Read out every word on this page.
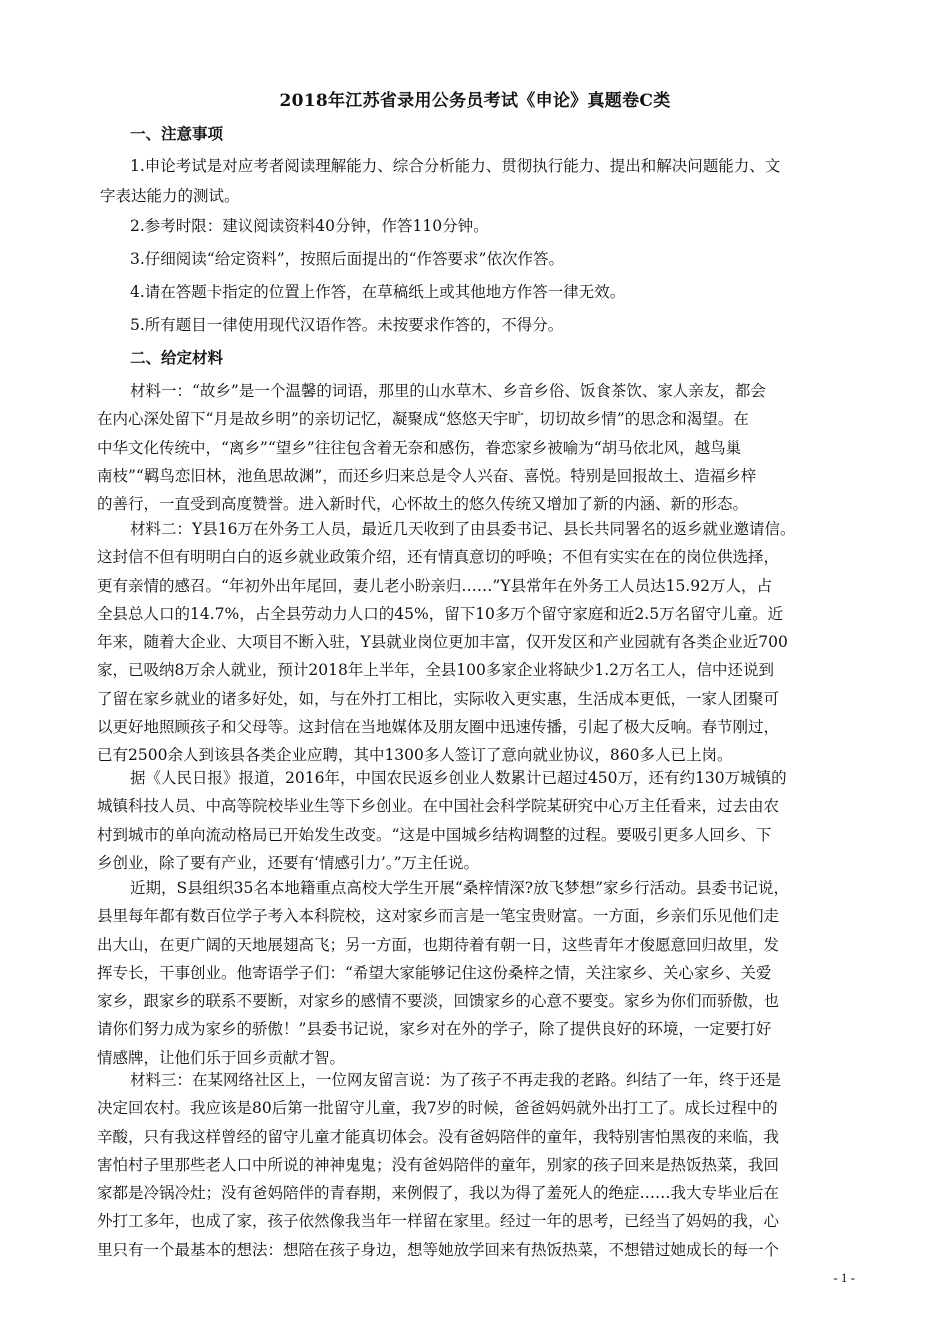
2018年江苏省录用公务员考试《申论》真题卷C类
一、注意事项
1.申论考试是对应考者阅读理解能力、综合分析能力、贯彻执行能力、提出和解决问题能力、文
字表达能力的测试。
2.参考时限：建议阅读资料40分钟，作答110分钟。
3.仔细阅读“给定资料”，按照后面提出的“作答要求”依次作答。
4.请在答题卡指定的位置上作答，在草稿纸上或其他地方作答一律无效。
5.所有题目一律使用现代汉语作答。未按要求作答的，不得分。
二、给定材料
材料一：“故乡”是一个温馨的词语，那里的山水草木、乡音乡俗、饭食茶饮、家人亲友，都会
在内心深处留下“月是故乡明”的亲切记忆，凝聚成“悠悠天宇旷，切切故乡情”的思念和渴望。在
中华文化传统中，“离乡”“望乡”往往包含着无奈和感伤，眷恋家乡被喻为“胡马依北风，越鸟巢
南枝”“羁鸟恋旧林，池鱼思故渊”，而还乡归来总是令人兴奋、喜悦。特别是回报故土、造福乡梓
的善行，一直受到高度赞誉。进入新时代，心怀故土的悠久传统又增加了新的内涵、新的形态。
材料二：Y县16万在外务工人员，最近几天收到了由县委书记、县长共同署名的返乡就业邀请信。
这封信不但有明明白白的返乡就业政策介绍，还有情真意切的呼唤；不但有实实在在的岗位供选择，
更有亲情的感召。“年初外出年尾回，妻儿老小盼亲归……”Y县常年在外务工人员达15.92万人，占
全县总人口的14.7%，占全县劳动力人口的45%，留下10多万个留守家庭和近2.5万名留守儿童。近
年来，随着大企业、大项目不断入驻，Y县就业岗位更加丰富，仅开发区和产业园就有各类企业近700
家，已吸纳8万余人就业，预计2018年上半年，全县100多家企业将缺少1.2万名工人，信中还说到
了留在家乡就业的诸多好处，如，与在外打工相比，实际收入更实惠，生活成本更低，一家人团聚可
以更好地照顾孩子和父母等。这封信在当地媒体及朋友圈中迅速传播，引起了极大反响。春节刚过，
已有2500余人到该县各类企业应聘，其中1300多人签订了意向就业协议，860多人已上岗。
据《人民日报》报道，2016年，中国农民返乡创业人数累计已超过450万，还有约130万城镇的
城镇科技人员、中高等院校毕业生等下乡创业。在中国社会科学院某研究中心万主任看来，过去由农
村到城市的单向流动格局已开始发生改变。“这是中国城乡结构调整的过程。要吸引更多人回乡、下
乡创业，除了要有产业，还要有‘情感引力’。”万主任说。
近期，S县组织35名本地籍重点高校大学生开展“桑梓情深?放飞梦想”家乡行活动。县委书记说，
县里每年都有数百位学子考入本科院校，这对家乡而言是一笔宝贵财富。一方面，乡亲们乐见他们走
出大山，在更广阔的天地展翅高飞；另一方面，也期待着有朝一日，这些青年才俊愿意回归故里，发
挥专长，干事创业。他寄语学子们：“希望大家能够记住这份桑梓之情，关注家乡、关心家乡、关爱
家乡，跟家乡的联系不要断，对家乡的感情不要淡，回馈家乡的心意不要变。家乡为你们而骄傲，也
请你们努力成为家乡的骄傲！”县委书记说，家乡对在外的学子，除了提供良好的环境，一定要打好
情感牌，让他们乐于回乡贡献才智。
材料三：在某网络社区上，一位网友留言说：为了孩子不再走我的老路。纠结了一年，终于还是
决定回农村。我应该是80后第一批留守儿童，我7岁的时候，爸爸妈妈就外出打工了。成长过程中的
辛酸，只有我这样曾经的留守儿童才能真切体会。没有爸妈陪伴的童年，我特别害怕黑夜的来临，我
害怕村子里那些老人口中所说的神神鬼鬼；没有爸妈陪伴的童年，别家的孩子回来是热饭热菜，我回
家都是冷锅冷灶；没有爸妈陪伴的青春期，来例假了，我以为得了羞死人的绝症……我大专毕业后在
外打工多年，也成了家，孩子依然像我当年一样留在家里。经过一年的思考，已经当了妈妈的我，心
里只有一个最基本的想法：想陪在孩子身边，想等她放学回来有热饭热菜，不想错过她成长的每一个
- 1 -
